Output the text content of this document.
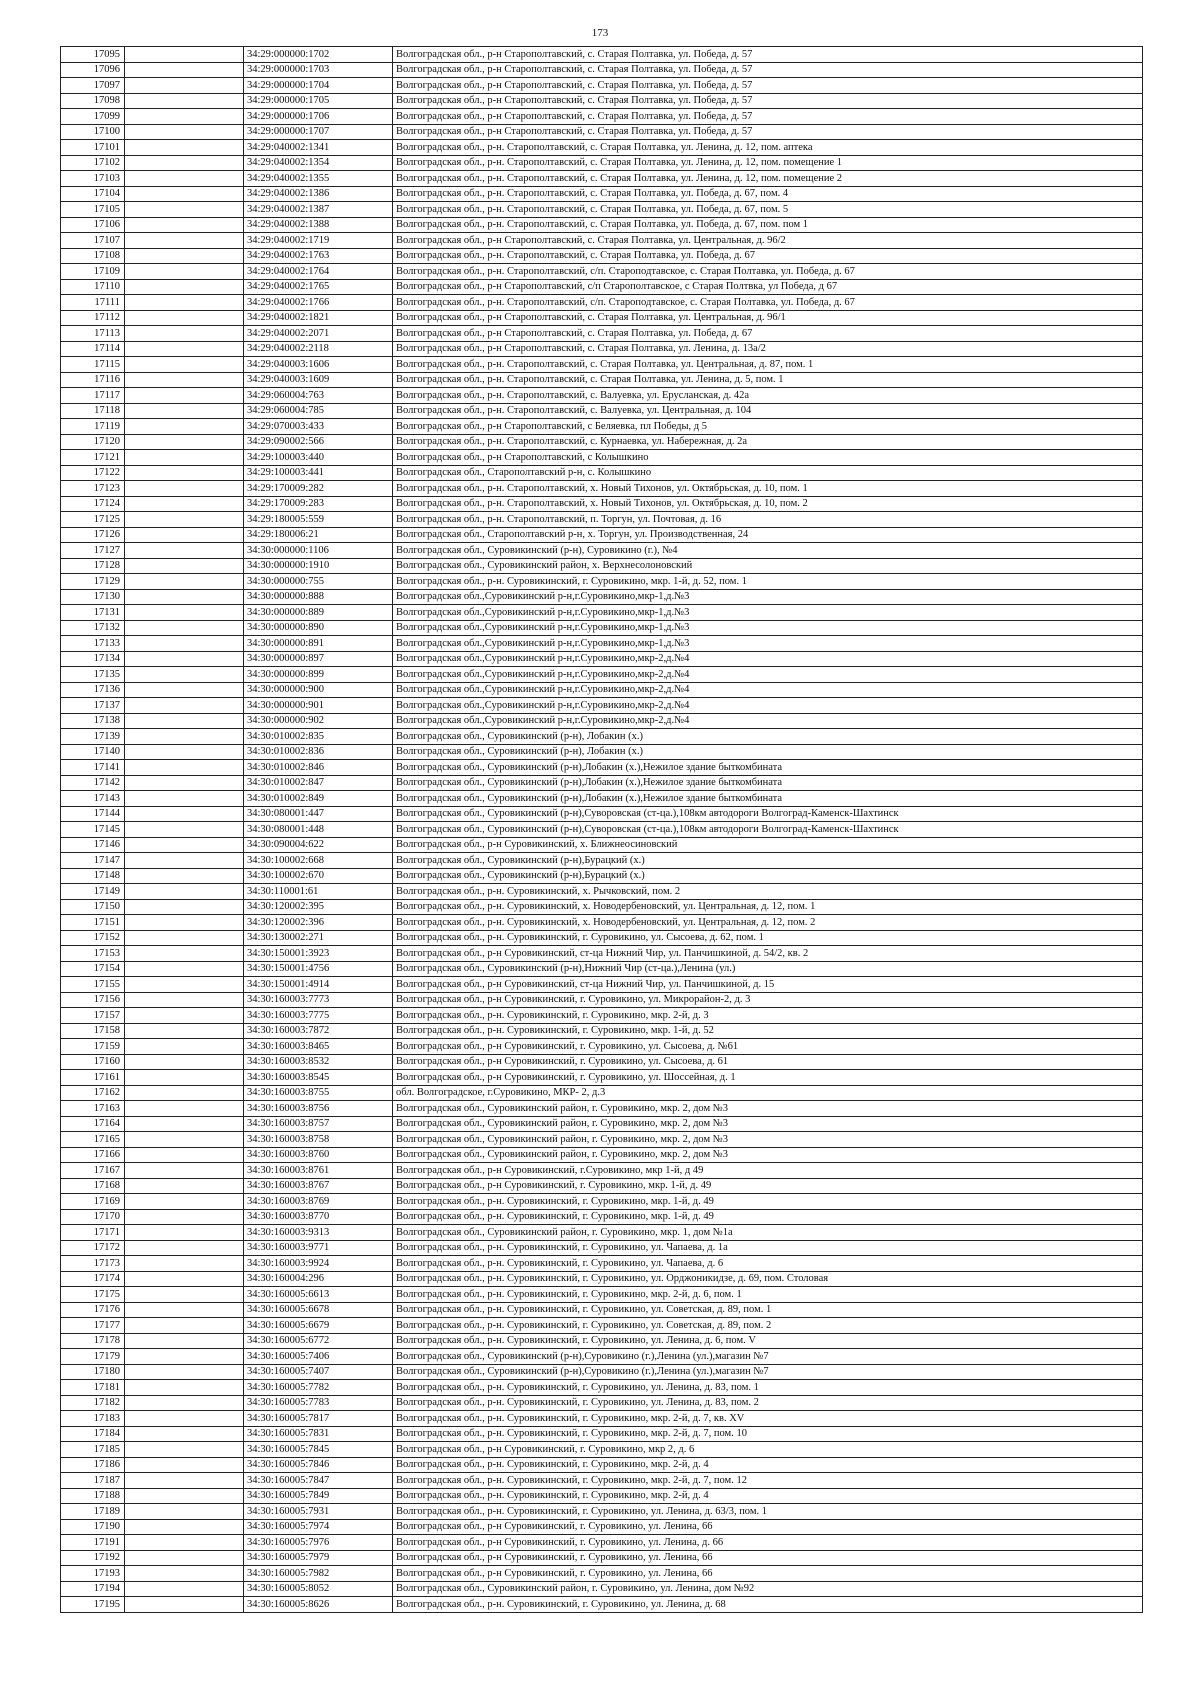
173
17095		34:29:000000:1702	Волгоградская обл., р-н Старополтавский, с. Старая Полтавка, ул. Победа, д. 57
17096		34:29:000000:1703	Волгоградская обл., р-н Старополтавский, с. Старая Полтавка, ул. Победа, д. 57
17097		34:29:000000:1704	Волгоградская обл., р-н Старополтавский, с. Старая Полтавка, ул. Победа, д. 57
17098		34:29:000000:1705	Волгоградская обл., р-н Старополтавский, с. Старая Полтавка, ул. Победа, д. 57
17099		34:29:000000:1706	Волгоградская обл., р-н Старополтавский, с. Старая Полтавка, ул. Победа, д. 57
17100		34:29:000000:1707	Волгоградская обл., р-н Старополтавский, с. Старая Полтавка, ул. Победа, д. 57
17101		34:29:040002:1341	Волгоградская обл., р-н. Старополтавский, с. Старая Полтавка, ул. Ленина, д. 12, пом. аптека
17102		34:29:040002:1354	Волгоградская обл., р-н. Старополтавский, с. Старая Полтавка, ул. Ленина, д. 12, пом. помещение 1
17103		34:29:040002:1355	Волгоградская обл., р-н. Старополтавский, с. Старая Полтавка, ул. Ленина, д. 12, пом. помещение 2
17104		34:29:040002:1386	Волгоградская обл., р-н. Старополтавский, с. Старая Полтавка, ул. Победа, д. 67, пом. 4
17105		34:29:040002:1387	Волгоградская обл., р-н. Старополтавский, с. Старая Полтавка, ул. Победа, д. 67, пом. 5
17106		34:29:040002:1388	Волгоградская обл., р-н. Старополтавский, с. Старая Полтавка, ул. Победа, д. 67, пом. пом 1
17107		34:29:040002:1719	Волгоградская обл., р-н Старополтавский, с. Старая Полтавка, ул. Центральная, д. 96/2
17108		34:29:040002:1763	Волгоградская обл., р-н. Старополтавский, с. Старая Полтавка, ул. Победа, д. 67
17109		34:29:040002:1764	Волгоградская обл., р-н. Старополтавский, с/п. Староподтавское, с. Старая Полтавка, ул. Победа, д. 67
17110		34:29:040002:1765	Волгоградская обл., р-н Старополтавский, с/п Старополтавское, с Старая Полтвка, ул Победа, д 67
17111		34:29:040002:1766	Волгоградская обл., р-н. Старополтавский, с/п. Староподтавское, с. Старая Полтавка, ул. Победа, д. 67
17112		34:29:040002:1821	Волгоградская обл., р-н Старополтавский, с. Старая Полтавка, ул. Центральная, д. 96/1
17113		34:29:040002:2071	Волгоградская обл., р-н Старополтавский, с. Старая Полтавка, ул. Победа, д. 67
17114		34:29:040002:2118	Волгоградская обл., р-н Старополтавский, с. Старая Полтавка, ул. Ленина, д. 13а/2
17115		34:29:040003:1606	Волгоградская обл., р-н. Старополтавский, с. Старая Полтавка, ул. Центральная, д. 87, пом. 1
17116		34:29:040003:1609	Волгоградская обл., р-н. Старополтавский, с. Старая Полтавка, ул. Ленина, д. 5, пом. 1
17117		34:29:060004:763	Волгоградская обл., р-н. Старополтавский, с. Валуевка, ул. Ерусланская, д. 42а
17118		34:29:060004:785	Волгоградская обл., р-н. Старополтавский, с. Валуевка, ул. Центральная, д. 104
17119		34:29:070003:433	Волгоградская обл., р-н Старополтавский, с Беляевка, пл Победы, д 5
17120		34:29:090002:566	Волгоградская обл., р-н. Старополтавский, с. Курнаевка, ул. Набережная, д. 2а
17121		34:29:100003:440	Волгоградская обл., р-н Старополтавский, с Колышкино
17122		34:29:100003:441	Волгоградская обл., Старополтавский р-н, с. Колышкино
17123		34:29:170009:282	Волгоградская обл., р-н. Старополтавский, х. Новый Тихонов, ул. Октябрьская, д. 10, пом. 1
17124		34:29:170009:283	Волгоградская обл., р-н. Старополтавский, х. Новый Тихонов, ул. Октябрьская, д. 10, пом. 2
17125		34:29:180005:559	Волгоградская обл., р-н. Старополтавский, п. Торгун, ул. Почтовая, д. 16
17126		34:29:180006:21	Волгоградская обл., Старополтавский р-н, х. Торгун, ул. Производственная, 24
17127		34:30:000000:1106	Волгоградская обл., Суровикинский (р-н), Суровикино (г.), №4
17128		34:30:000000:1910	Волгоградская обл., Суровикинский район, х. Верхнесолоновский
17129		34:30:000000:755	Волгоградская обл., р-н. Суровикинский, г. Суровикино, мкр. 1-й, д. 52, пом. 1
17130		34:30:000000:888	Волгоградская обл.,Суровикинский р-н,г.Суровикино,мкр-1,д.№3
17131		34:30:000000:889	Волгоградская обл.,Суровикинский р-н,г.Суровикино,мкр-1,д.№3
17132		34:30:000000:890	Волгоградская обл.,Суровикинский р-н,г.Суровикино,мкр-1,д.№3
17133		34:30:000000:891	Волгоградская обл.,Суровикинский р-н,г.Суровикино,мкр-1,д.№3
17134		34:30:000000:897	Волгоградская обл.,Суровикинский р-н,г.Суровикино,мкр-2,д.№4
17135		34:30:000000:899	Волгоградская обл.,Суровикинский р-н,г.Суровикино,мкр-2,д.№4
17136		34:30:000000:900	Волгоградская обл.,Суровикинский р-н,г.Суровикино,мкр-2,д.№4
17137		34:30:000000:901	Волгоградская обл.,Суровикинский р-н,г.Суровикино,мкр-2,д.№4
17138		34:30:000000:902	Волгоградская обл.,Суровикинский р-н,г.Суровикино,мкр-2,д.№4
17139		34:30:010002:835	Волгоградская обл., Суровикинский (р-н), Лобакин (х.)
17140		34:30:010002:836	Волгоградская обл., Суровикинский (р-н), Лобакин (х.)
17141		34:30:010002:846	Волгоградская обл., Суровикинский (р-н),Лобакин (х.),Нежилое здание быткомбината
17142		34:30:010002:847	Волгоградская обл., Суровикинский (р-н),Лобакин (х.),Нежилое здание быткомбината
17143		34:30:010002:849	Волгоградская обл., Суровикинский (р-н),Лобакин (х.),Нежилое здание быткомбината
17144		34:30:080001:447	Волгоградская обл., Суровикинский (р-н),Суворовская (ст-ца.),108км автодороги Волгоград-Каменск-Шахтинск
17145		34:30:080001:448	Волгоградская обл., Суровикинский (р-н),Суворовская (ст-ца.),108км автодороги Волгоград-Каменск-Шахтинск
17146		34:30:090004:622	Волгоградская обл., р-н Суровикинский, х. Ближнеосиновский
17147		34:30:100002:668	Волгоградская обл., Суровикинский (р-н),Бурацкий (х.)
17148		34:30:100002:670	Волгоградская обл., Суровикинский (р-н),Бурацкий (х.)
17149		34:30:110001:61	Волгоградская обл., р-н. Суровикинский, х. Рычковский, пом. 2
17150		34:30:120002:395	Волгоградская обл., р-н. Суровикинский, х. Новодербеновский, ул. Центральная, д. 12, пом. 1
17151		34:30:120002:396	Волгоградская обл., р-н. Суровикинский, х. Новодербеновский, ул. Центральная, д. 12, пом. 2
17152		34:30:130002:271	Волгоградская обл., р-н. Суровикинский, г. Суровикино, ул. Сысоева, д. 62, пом. 1
17153		34:30:150001:3923	Волгоградская обл., р-н Суровикинский, ст-ца Нижний Чир, ул. Панчишкиной, д. 54/2, кв. 2
17154		34:30:150001:4756	Волгоградская обл., Суровикинский (р-н),Нижний Чир (ст-ца.),Ленина (ул.)
17155		34:30:150001:4914	Волгоградская обл., р-н Суровикинский, ст-ца Нижний Чир, ул. Панчишкиной, д. 15
17156		34:30:160003:7773	Волгоградская обл., р-н Суровикинский, г. Суровикино, ул. Микрорайон-2, д. 3
17157		34:30:160003:7775	Волгоградская обл., р-н. Суровикинский, г. Суровикино, мкр. 2-й, д. 3
17158		34:30:160003:7872	Волгоградская обл., р-н. Суровикинский, г. Суровикино, мкр. 1-й, д. 52
17159		34:30:160003:8465	Волгоградская обл., р-н Суровикинский, г. Суровикино, ул. Сысоева, д. №61
17160		34:30:160003:8532	Волгоградская обл., р-н Суровикинский, г. Суровикино, ул. Сысоева, д. 61
17161		34:30:160003:8545	Волгоградская обл., р-н Суровикинский, г. Суровикино, ул. Шоссейная, д. 1
17162		34:30:160003:8755	обл. Волгоградское, г.Суровикино, МКР- 2, д.3
17163		34:30:160003:8756	Волгоградская обл., Суровикинский район, г. Суровикино, мкр. 2, дом №3
17164		34:30:160003:8757	Волгоградская обл., Суровикинский район, г. Суровикино, мкр. 2, дом №3
17165		34:30:160003:8758	Волгоградская обл., Суровикинский район, г. Суровикино, мкр. 2, дом №3
17166		34:30:160003:8760	Волгоградская обл., Суровикинский район, г. Суровикино, мкр. 2, дом №3
17167		34:30:160003:8761	Волгоградская обл., р-н Суровикинский, г.Суровикино, мкр 1-й, д 49
17168		34:30:160003:8767	Волгоградская обл., р-н Суровикинский, г. Суровикино, мкр. 1-й, д. 49
17169		34:30:160003:8769	Волгоградская обл., р-н. Суровикинский, г. Суровикино, мкр. 1-й, д. 49
17170		34:30:160003:8770	Волгоградская обл., р-н. Суровикинский, г. Суровикино, мкр. 1-й, д. 49
17171		34:30:160003:9313	Волгоградская обл., Суровикинский район, г. Суровикино, мкр. 1, дом №1а
17172		34:30:160003:9771	Волгоградская обл., р-н. Суровикинский, г. Суровикино, ул. Чапаева, д. 1а
17173		34:30:160003:9924	Волгоградская обл., р-н. Суровикинский, г. Суровикино, ул. Чапаева, д. 6
17174		34:30:160004:296	Волгоградская обл., р-н. Суровикинский, г. Суровикино, ул. Орджоникидзе, д. 69, пом. Столовая
17175		34:30:160005:6613	Волгоградская обл., р-н. Суровикинский, г. Суровикино, мкр. 2-й, д. 6, пом. 1
17176		34:30:160005:6678	Волгоградская обл., р-н. Суровикинский, г. Суровикино, ул. Советская, д. 89, пом. 1
17177		34:30:160005:6679	Волгоградская обл., р-н. Суровикинский, г. Суровикино, ул. Советская, д. 89, пом. 2
17178		34:30:160005:6772	Волгоградская обл., р-н. Суровикинский, г. Суровикино, ул. Ленина, д. 6, пом. V
17179		34:30:160005:7406	Волгоградская обл., Суровикинский (р-н),Суровикино (г.),Ленина (ул.),магазин №7
17180		34:30:160005:7407	Волгоградская обл., Суровикинский (р-н),Суровикино (г.),Ленина (ул.),магазин №7
17181		34:30:160005:7782	Волгоградская обл., р-н. Суровикинский, г. Суровикино, ул. Ленина, д. 83, пом. 1
17182		34:30:160005:7783	Волгоградская обл., р-н. Суровикинский, г. Суровикино, ул. Ленина, д. 83, пом. 2
17183		34:30:160005:7817	Волгоградская обл., р-н. Суровикинский, г. Суровикино, мкр. 2-й, д. 7, кв. XV
17184		34:30:160005:7831	Волгоградская обл., р-н. Суровикинский, г. Суровикино, мкр. 2-й, д. 7, пом. 10
17185		34:30:160005:7845	Волгоградская обл., р-н Суровикинский, г. Суровикино, мкр 2, д. 6
17186		34:30:160005:7846	Волгоградская обл., р-н. Суровикинский, г. Суровикино, мкр. 2-й, д. 4
17187		34:30:160005:7847	Волгоградская обл., р-н. Суровикинский, г. Суровикино, мкр. 2-й, д. 7, пом. 12
17188		34:30:160005:7849	Волгоградская обл., р-н. Суровикинский, г. Суровикино, мкр. 2-й, д. 4
17189		34:30:160005:7931	Волгоградская обл., р-н. Суровикинский, г. Суровикино, ул. Ленина, д. 63/3, пом. 1
17190		34:30:160005:7974	Волгоградская обл., р-н Суровикинский, г. Суровикино, ул. Ленина, 66
17191		34:30:160005:7976	Волгоградская обл., р-н Суровикинский, г. Суровикино, ул. Ленина, д. 66
17192		34:30:160005:7979	Волгоградская обл., р-н Суровикинский, г. Суровикино, ул. Ленина, 66
17193		34:30:160005:7982	Волгоградская обл., р-н Суровикинский, г. Суровикино, ул. Ленина, 66
17194		34:30:160005:8052	Волгоградская обл., Суровикинский район, г. Суровикино, ул. Ленина, дом №92
17195		34:30:160005:8626	Волгоградская обл., р-н. Суровикинский, г. Суровикино, ул. Ленина, д. 68
